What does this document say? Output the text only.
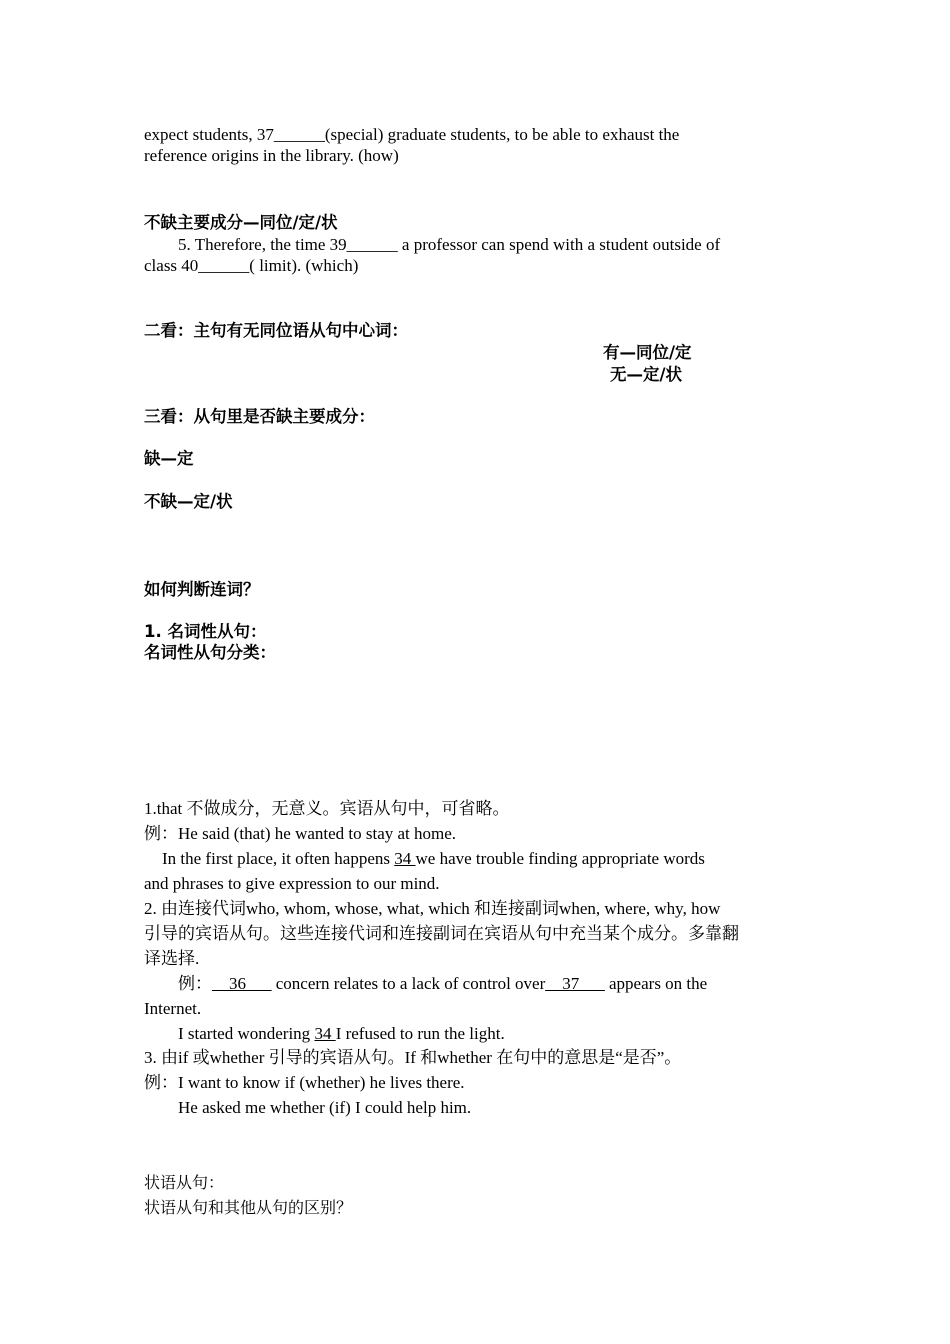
expect students, 37______(special) graduate students, to be able to exhaust the
reference origins in the library. (how)
不缺主要成分—同位/定/状
5. Therefore, the time 39______ a professor can spend with a student outside of
class 40______( limit). (which)
二看：主句有无同位语从句中心词：
有—同位/定
无—定/状
三看：从句里是否缺主要成分：
缺—定
不缺—定/状
如何判断连词？
1. 名词性从句：
名词性从句分类：
1.that 不做成分，无意义。宾语从句中，可省略。
例：He said (that) he wanted to stay at home.
In the first place, it often happens 34 we have trouble finding appropriate words
and phrases to give expression to our mind.
2. 由连接代词who, whom, whose, what, which 和连接副词when, where, why, how
引导的宾语从句。这些连接代词和连接副词在宾语从句中充当某个成分。多靠翻
译选择.
例：__36___ concern relates to a lack of control over__37___ appears on the
Internet.
I started wondering 34 I refused to run the light.
3. 由if 或whether 引导的宾语从句。If 和whether 在句中的意思是“是否”。
例：I want to know if (whether) he lives there.
He asked me whether (if) I could help him.
状语从句：
状语从句和其他从句的区别？
